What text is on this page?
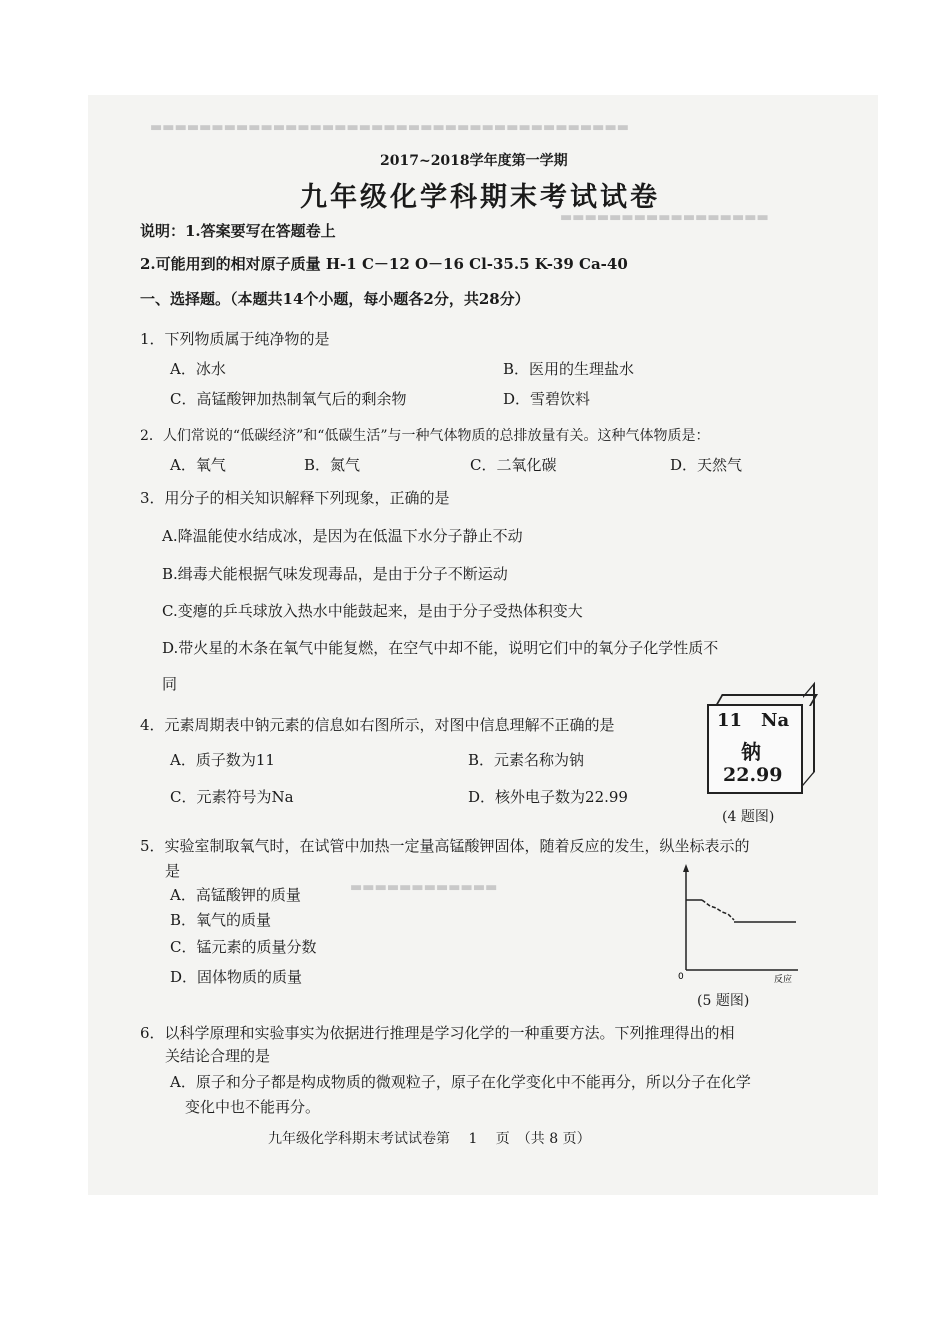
▬▬▬▬▬▬▬▬▬▬▬▬▬▬▬▬▬▬▬▬▬▬▬▬▬▬▬▬▬▬▬▬▬▬▬▬▬▬▬
▬▬▬▬▬▬▬▬▬▬▬▬▬▬▬▬▬
▬▬▬▬▬▬▬▬▬▬▬▬
2017~2018学年度第一学期
九年级化学科期末考试试卷
说明：1.答案要写在答题卷上
2.可能用到的相对原子质量 H-1 C－12 O－16 Cl-35.5 K-39 Ca-40
一、选择题。（本题共14个小题，每小题各2分，共28分）
1．下列物质属于纯净物的是
A．冰水	B．医用的生理盐水
C．高锰酸钾加热制氧气后的剩余物	D．雪碧饮料
2．人们常说的“低碳经济”和“低碳生活”与一种气体物质的总排放量有关。这种气体物质是：
A．氧气	B．氮气	C．二氧化碳	D．天然气
3．用分子的相关知识解释下列现象，正确的是
A.降温能使水结成冰，是因为在低温下水分子静止不动
B.缉毒犬能根据气味发现毒品，是由于分子不断运动
C.变瘪的乒乓球放入热水中能鼓起来，是由于分子受热体积变大
D.带火星的木条在氧气中能复燃，在空气中却不能，说明它们中的氧分子化学性质不
同
4．元素周期表中钠元素的信息如右图所示，对图中信息理解不正确的是
A．质子数为11	B．元素名称为钠
C．元素符号为Na	D．核外电子数为22.99
11 Na
钠
22.99
(4 题图)
5．实验室制取氧气时，在试管中加热一定量高锰酸钾固体，随着反应的发生，纵坐标表示的
是
A．高锰酸钾的质量
B．氧气的质量
C．锰元素的质量分数
D．固体物质的质量	0	反应
(5 题图)
6．以科学原理和实验事实为依据进行推理是学习化学的一种重要方法。下列推理得出的相
关结论合理的是
A．原子和分子都是构成物质的微观粒子，原子在化学变化中不能再分，所以分子在化学
变化中也不能再分。
九年级化学科期末考试试卷第　 1　 页　（共 8 页）
